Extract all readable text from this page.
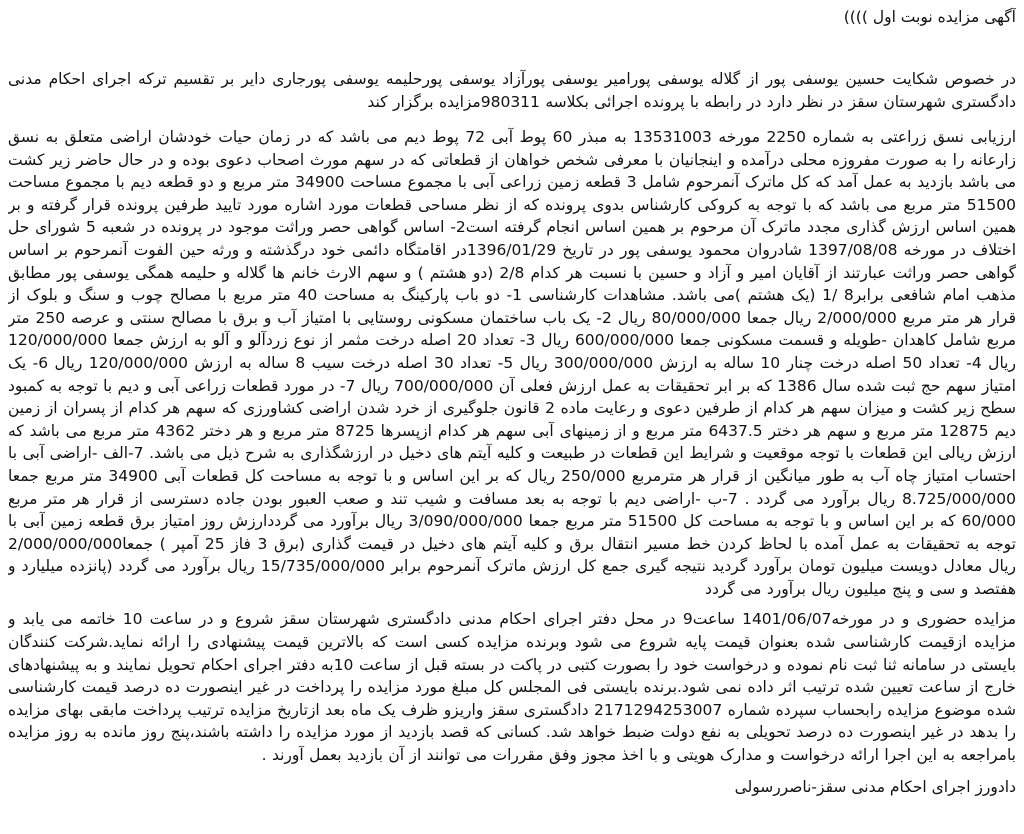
آگهی مزایده نوبت اول ))))

در خصوص شکایت حسین یوسفی پور از گلاله یوسفی پورامیر یوسفی پورآزاد یوسفی پورحلیمه یوسفی پورجاری دایر بر تقسیم ترکه اجرای احکام مدنی دادگستری شهرستان سقز در نظر دارد در رابطه با پرونده اجرائی بکلاسه 980311مزایده برگزار کند

ارزیابی نسق زراعتی به شماره 2250 مورخه 13531003 به مبذر 60 پوط آبی 72 پوط دیم می باشد که در زمان حیات خودشان اراضی متعلق به نسق زارعانه را به صورت مفروزه محلی درآمده و اینجانیان با معرفی شخص خواهان از قطعاتی که در سهم مورث اصحاب دعوی بوده و در حال حاضر زیر کشت می باشد بازدید به عمل آمد که کل ماترک آنمرحوم شامل 3 قطعه زمین زراعی آبی با مجموع مساحت 34900 متر مربع و دو قطعه دیم با مجموع مساحت 51500 متر مربع می باشد که با توجه به کروکی کارشناس بدوی پرونده که از نظر مساحی قطعات مورد اشاره مورد تایید طرفین پرونده قرار گرفته و بر همین اساس ارزش گذاری مجدد ماترک آن مرحوم بر همین اساس انجام گرفته است2- اساس گواهی حصر وراثت موجود در پرونده در شعبه 5 شورای حل اختلاف در مورخه 1397/08/08 شادروان محمود یوسفی پور در تاریخ 1396/01/29در اقامتگاه دائمی خود درگذشته و ورثه حین الفوت آنمرحوم بر اساس گواهی حصر وراثت عبارتند از آقایان امیر و آزاد و حسین با نسبت هر کدام 2/8 (دو هشتم ) و سهم الارث خانم ها گلاله و حلیمه همگی یوسفی پور مطابق مذهب امام شافعی برابر8 /1 (یک هشتم )می باشد. مشاهدات کارشناسی 1- دو باب پارکینگ به مساحت 40 متر مربع با مصالح چوب و سنگ و بلوک از قرار هر متر مربع 2/000/000 ریال جمعا 80/000/000 ریال 2- یک باب ساختمان مسکونی روستایی با امتیاز آب و برق با مصالح سنتی و عرصه 250 متر مربع شامل کاهدان -طویله و قسمت مسکونی جمعا 600/000/000 ریال 3- تعداد 20 اصله درخت مثمر از نوع زردآلو و آلو به ارزش جمعا 120/000/000 ریال 4- تعداد 50 اصله درخت چنار 10 ساله به ارزش 300/000/000 ریال 5- تعداد 30 اصله درخت سیب 8 ساله به ارزش 120/000/000 ریال 6- یک امتیاز سهم حج ثبت شده سال 1386 که بر ابر تحقیقات به عمل ارزش فعلی آن 700/000/000 ریال 7- در مورد قطعات زراعی آبی و دیم با توجه به کمبود سطح زیر کشت و میزان سهم هر کدام از طرفین دعوی و رعایت ماده 2 قانون جلوگیری از خرد شدن اراضی کشاورزی که سهم هر کدام از پسران از زمین دیم 12875 متر مربع و سهم هر دختر 6437.5 متر مربع و از زمینهای آبی سهم هر کدام ازپسرها 8725 متر مربع و هر دختر 4362 متر مربع می باشد که ارزش ریالی این قطعات با توجه موقعیت و شرایط این قطعات در طبیعت و کلیه آیتم های دخیل در ارزشگذاری به شرح ذیل می باشد. 7-الف -اراضی آبی با احتساب امتیاز چاه آب به طور میانگین از قرار هر مترمربع 250/000 ریال که بر این اساس و با توجه به مساحت کل قطعات آبی 34900 متر مربع جمعا 8.725/000/000 ریال برآورد می گردد . 7-ب -اراضی دیم با توجه به بعد مسافت و شیب تند و صعب العبور بودن جاده دسترسی از قرار هر متر مربع 60/000 که بر این اساس و با توجه به مساحت کل 51500 متر مربع جمعا 3/090/000/000 ریال برآورد می گرددارزش روز امتیاز برق قطعه زمین آبی با توجه به تحقیقات به عمل آمده با لحاظ کردن خط مسیر انتقال برق و کلیه آیتم های دخیل در قیمت گذاری (برق 3 فاز 25 آمپر ) جمعا2/000/000/000 ریال معادل دویست میلیون تومان برآورد گردید نتیجه گیری جمع کل ارزش ماترک آنمرحوم برابر 15/735/000/000 ریال برآورد می گردد (پانزده میلیارد و هفتصد و سی و پنج میلیون ریال برآورد می گردد

مزایده حضوری و در مورخه1401/06/07 ساعت9 در محل دفتر اجرای احکام مدنی دادگستری شهرستان سقز شروع و در ساعت 10 خاتمه می یابد و مزایده ازقیمت کارشناسی شده بعنوان قیمت پایه شروع می شود وبرنده مزایده کسی است که بالاترین قیمت پیشنهادی را ارائه نماید.شرکت کنندگان بایستی در سامانه ثنا ثبت نام نموده و درخواست خود را بصورت کتبی در پاکت در بسته قبل از ساعت 10به دفتر اجرای احکام تحویل نمایند و به پیشنهادهای خارج از ساعت تعیین شده ترتیب اثر داده نمی شود.برنده بایستی فی المجلس کل مبلغ مورد مزایده را پرداخت در غیر اینصورت ده درصد قیمت کارشناسی شده موضوع مزایده رابحساب سپرده شماره 2171294253007 دادگستری سقز واریزو ظرف یک ماه بعد ازتاریخ مزایده ترتیب پرداخت مابقی بهای مزایده را بدهد در غیر اینصورت ده درصد تحویلی به نفع دولت ضبط خواهد شد. کسانی که قصد بازدید از مورد مزایده را داشته باشند،پنج روز مانده به روز مزایده بامراجعه به این اجرا ارائه درخواست و مدارک هویتی و با اخذ مجوز وفق مقررات می توانند از آن بازدید بعمل آورند .

دادورز اجرای احکام مدنی سقز-ناصررسولی
